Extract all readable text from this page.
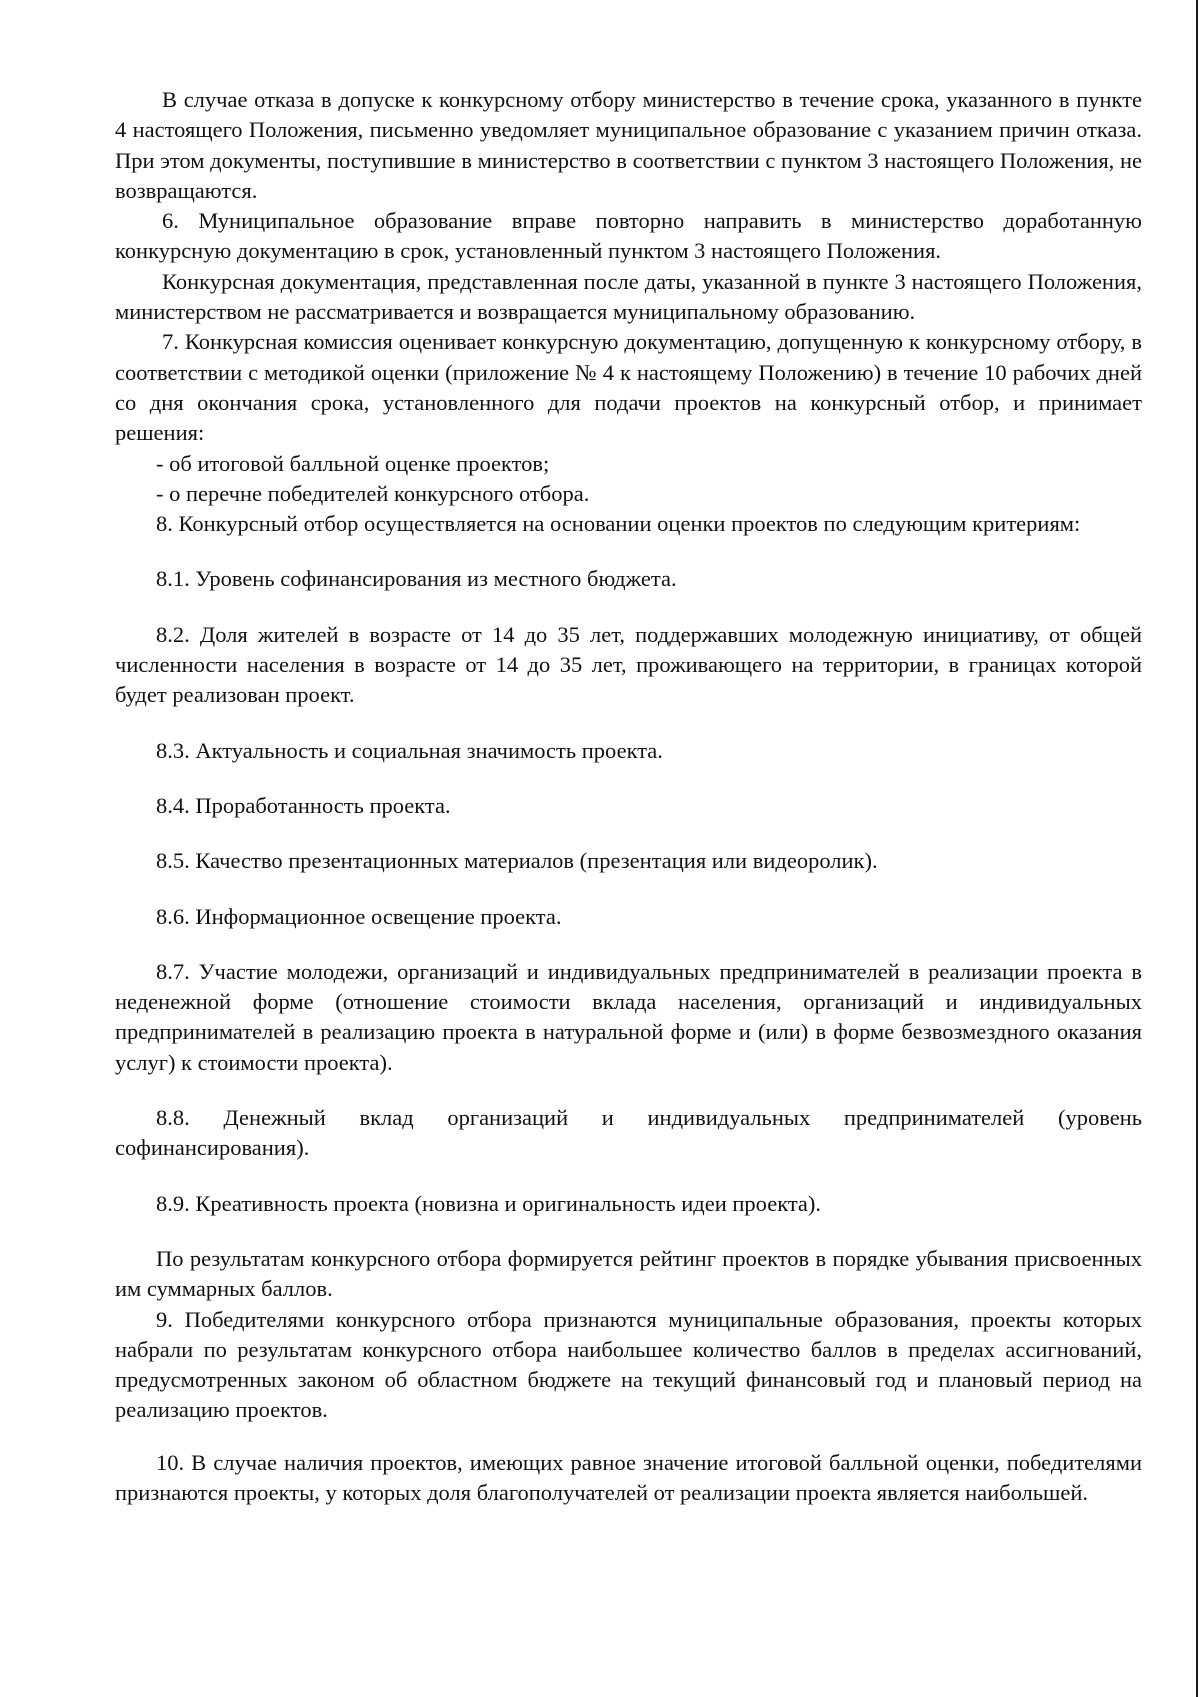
В случае отказа в допуске к конкурсному отбору министерство в течение срока, указанного в пункте 4 настоящего Положения, письменно уведомляет муниципальное образование с указанием причин отказа. При этом документы, поступившие в министерство в соответствии с пунктом 3 настоящего Положения, не возвращаются.

6. Муниципальное образование вправе повторно направить в министерство доработанную конкурсную документацию в срок, установленный пунктом 3 настоящего Положения.

Конкурсная документация, представленная после даты, указанной в пункте 3 настоящего Положения, министерством не рассматривается и возвращается муниципальному образованию.

7. Конкурсная комиссия оценивает конкурсную документацию, допущенную к конкурсному отбору, в соответствии с методикой оценки (приложение № 4 к настоящему Положению) в течение 10 рабочих дней со дня окончания срока, установленного для подачи проектов на конкурсный отбор, и принимает решения:

- об итоговой балльной оценке проектов;

- о перечне победителей конкурсного отбора.

8. Конкурсный отбор осуществляется на основании оценки проектов по следующим критериям:

8.1. Уровень софинансирования из местного бюджета.

8.2. Доля жителей в возрасте от 14 до 35 лет, поддержавших молодежную инициативу, от общей численности населения в возрасте от 14 до 35 лет, проживающего на территории, в границах которой будет реализован проект.

8.3. Актуальность и социальная значимость проекта.

8.4. Проработанность проекта.

8.5. Качество презентационных материалов (презентация или видеоролик).

8.6. Информационное освещение проекта.

8.7. Участие молодежи, организаций и индивидуальных предпринимателей в реализации проекта в неденежной форме (отношение стоимости вклада населения, организаций и индивидуальных предпринимателей в реализацию проекта в натуральной форме и (или) в форме безвозмездного оказания услуг) к стоимости проекта).

8.8. Денежный вклад организаций и индивидуальных предпринимателей (уровень софинансирования).

8.9. Креативность проекта (новизна и оригинальность идеи проекта).

По результатам конкурсного отбора формируется рейтинг проектов в порядке убывания присвоенных им суммарных баллов.

9. Победителями конкурсного отбора признаются муниципальные образования, проекты которых набрали по результатам конкурсного отбора наибольшее количество баллов в пределах ассигнований, предусмотренных законом об областном бюджете на текущий финансовый год и плановый период на реализацию проектов.

10. В случае наличия проектов, имеющих равное значение итоговой балльной оценки, победителями признаются проекты, у которых доля благополучателей от реализации проекта является наибольшей.
